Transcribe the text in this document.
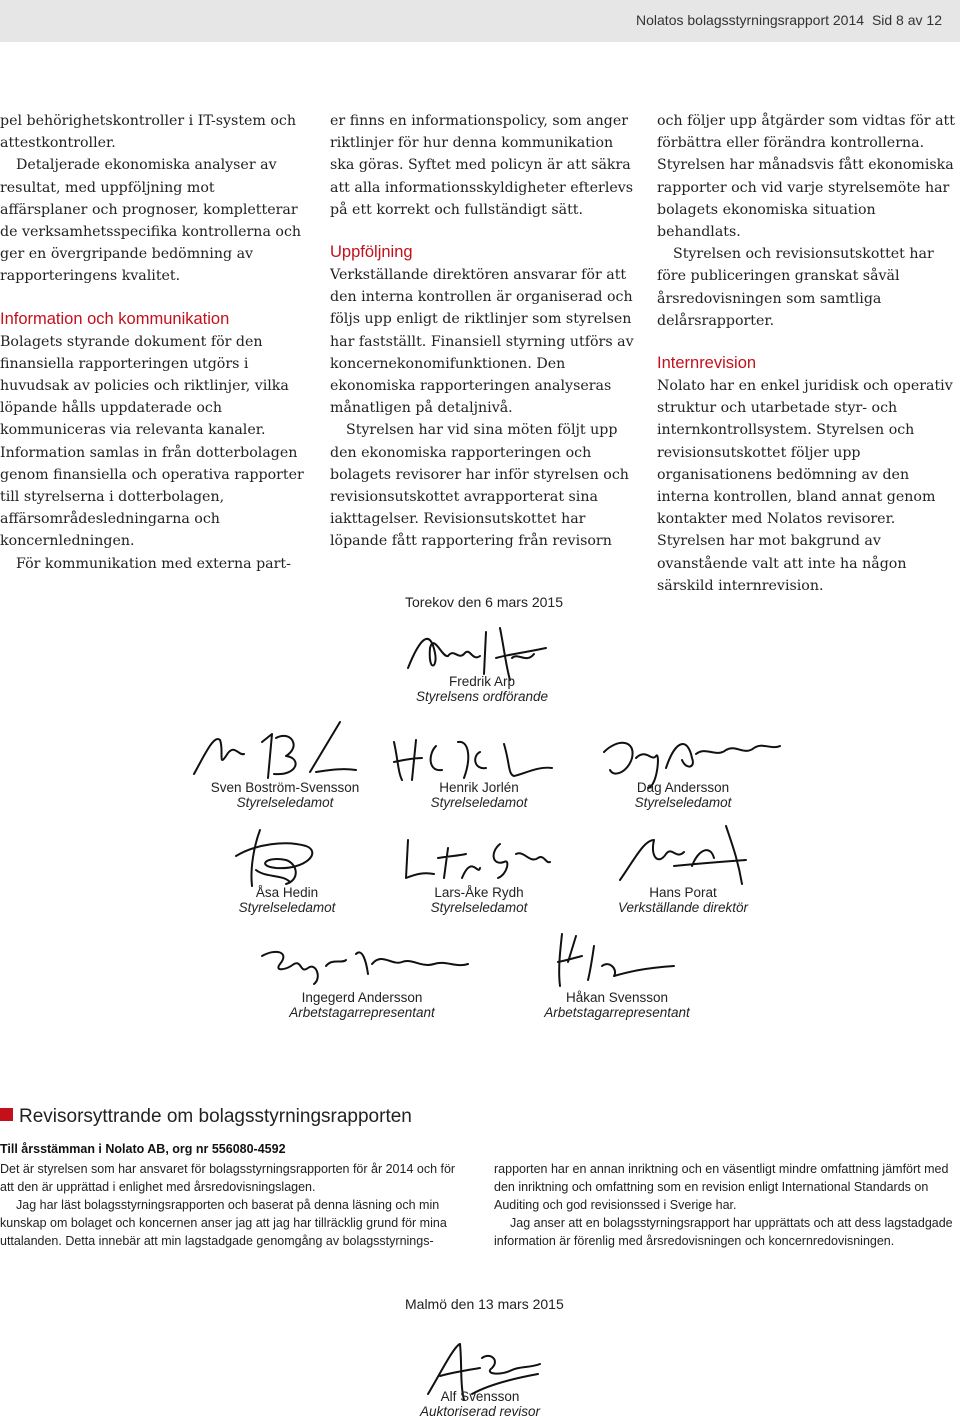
Nolatos bolagsstyrningsrapport 2014 Sid 8 av 12

pel behörighetskontroller i IT-system och attestkontroller.

Detaljerade ekonomiska analyser av resultat, med uppföljning mot affärsplaner och prognoser, kompletterar de verksamhetsspecifika kontrollerna och ger en övergripande bedömning av rapporteringens kvalitet.

Information och kommunikation

Bolagets styrande dokument för den finansiella rapporteringen utgörs i huvudsak av policies och riktlinjer, vilka löpande hålls uppdaterade och kommuniceras via relevanta kanaler. Information samlas in från dotterbolagen genom finansiella och operativa rapporter till styrelserna i dotterbolagen, affärsområdesledningarna och koncernledningen.

För kommunikation med externa part-

er finns en informationspolicy, som anger riktlinjer för hur denna kommunikation ska göras. Syftet med policyn är att säkra att alla informationsskyldigheter efterlevs på ett korrekt och fullständigt sätt.

Uppföljning

Verkställande direktören ansvarar för att den interna kontrollen är organiserad och följs upp enligt de riktlinjer som styrelsen har fastställt. Finansiell styrning utförs av koncernekonomifunktionen. Den ekonomiska rapporteringen analyseras månatligen på detaljnivå.

Styrelsen har vid sina möten följt upp den ekonomiska rapporteringen och bolagets revisorer har inför styrelsen och revisionsutskottet avrapporterat sina iakttagelser. Revisionsutskottet har löpande fått rapportering från revisorn

och följer upp åtgärder som vidtas för att förbättra eller förändra kontrollerna. Styrelsen har månadsvis fått ekonomiska rapporter och vid varje styrelsemöte har bolagets ekonomiska situation behandlats.

Styrelsen och revisionsutskottet har före publiceringen granskat såväl årsredovisningen som samtliga delårsrapporter.

Internrevision

Nolato har en enkel juridisk och operativ struktur och utarbetade styr- och internkontrollsystem. Styrelsen och revisionsutskottet följer upp organisationens bedömning av den interna kontrollen, bland annat genom kontakter med Nolatos revisorer. Styrelsen har mot bakgrund av ovanstående valt att inte ha någon särskild internrevision.

Torekov den 6 mars 2015
Fredrik Arp
Styrelsens ordförande
Sven Boström-Svensson
Styrelseledamot
Henrik Jorlén
Styrelseledamot
Dag Andersson
Styrelseledamot
Åsa Hedin
Styrelseledamot
Lars-Åke Rydh
Styrelseledamot
Hans Porat
Verkställande direktör
Ingegerd Andersson
Arbetstagarrepresentant
Håkan Svensson
Arbetstagarrepresentant
Revisorsyttrande om bolagsstyrningsrapporten
Till årsstämman i Nolato AB, org nr 556080-4592

Det är styrelsen som har ansvaret för bolagsstyrningsrapporten för år 2014 och för att den är upprättad i enlighet med årsredovisningslagen.

Jag har läst bolagsstyrningsrapporten och baserat på denna läsning och min kunskap om bolaget och koncernen anser jag att jag har tillräcklig grund för mina uttalanden. Detta innebär att min lagstadgade genomgång av bolagsstyrnings-

rapporten har en annan inriktning och en väsentligt mindre omfattning jämfört med den inriktning och omfattning som en revision enligt International Standards on Auditing och god revisionssed i Sverige har.

Jag anser att en bolagsstyrningsrapport har upprättats och att dess lagstadgade information är förenlig med årsredovisningen och koncernredovisningen.

Malmö den 13 mars 2015
Alf Svensson
Auktoriserad revisor
